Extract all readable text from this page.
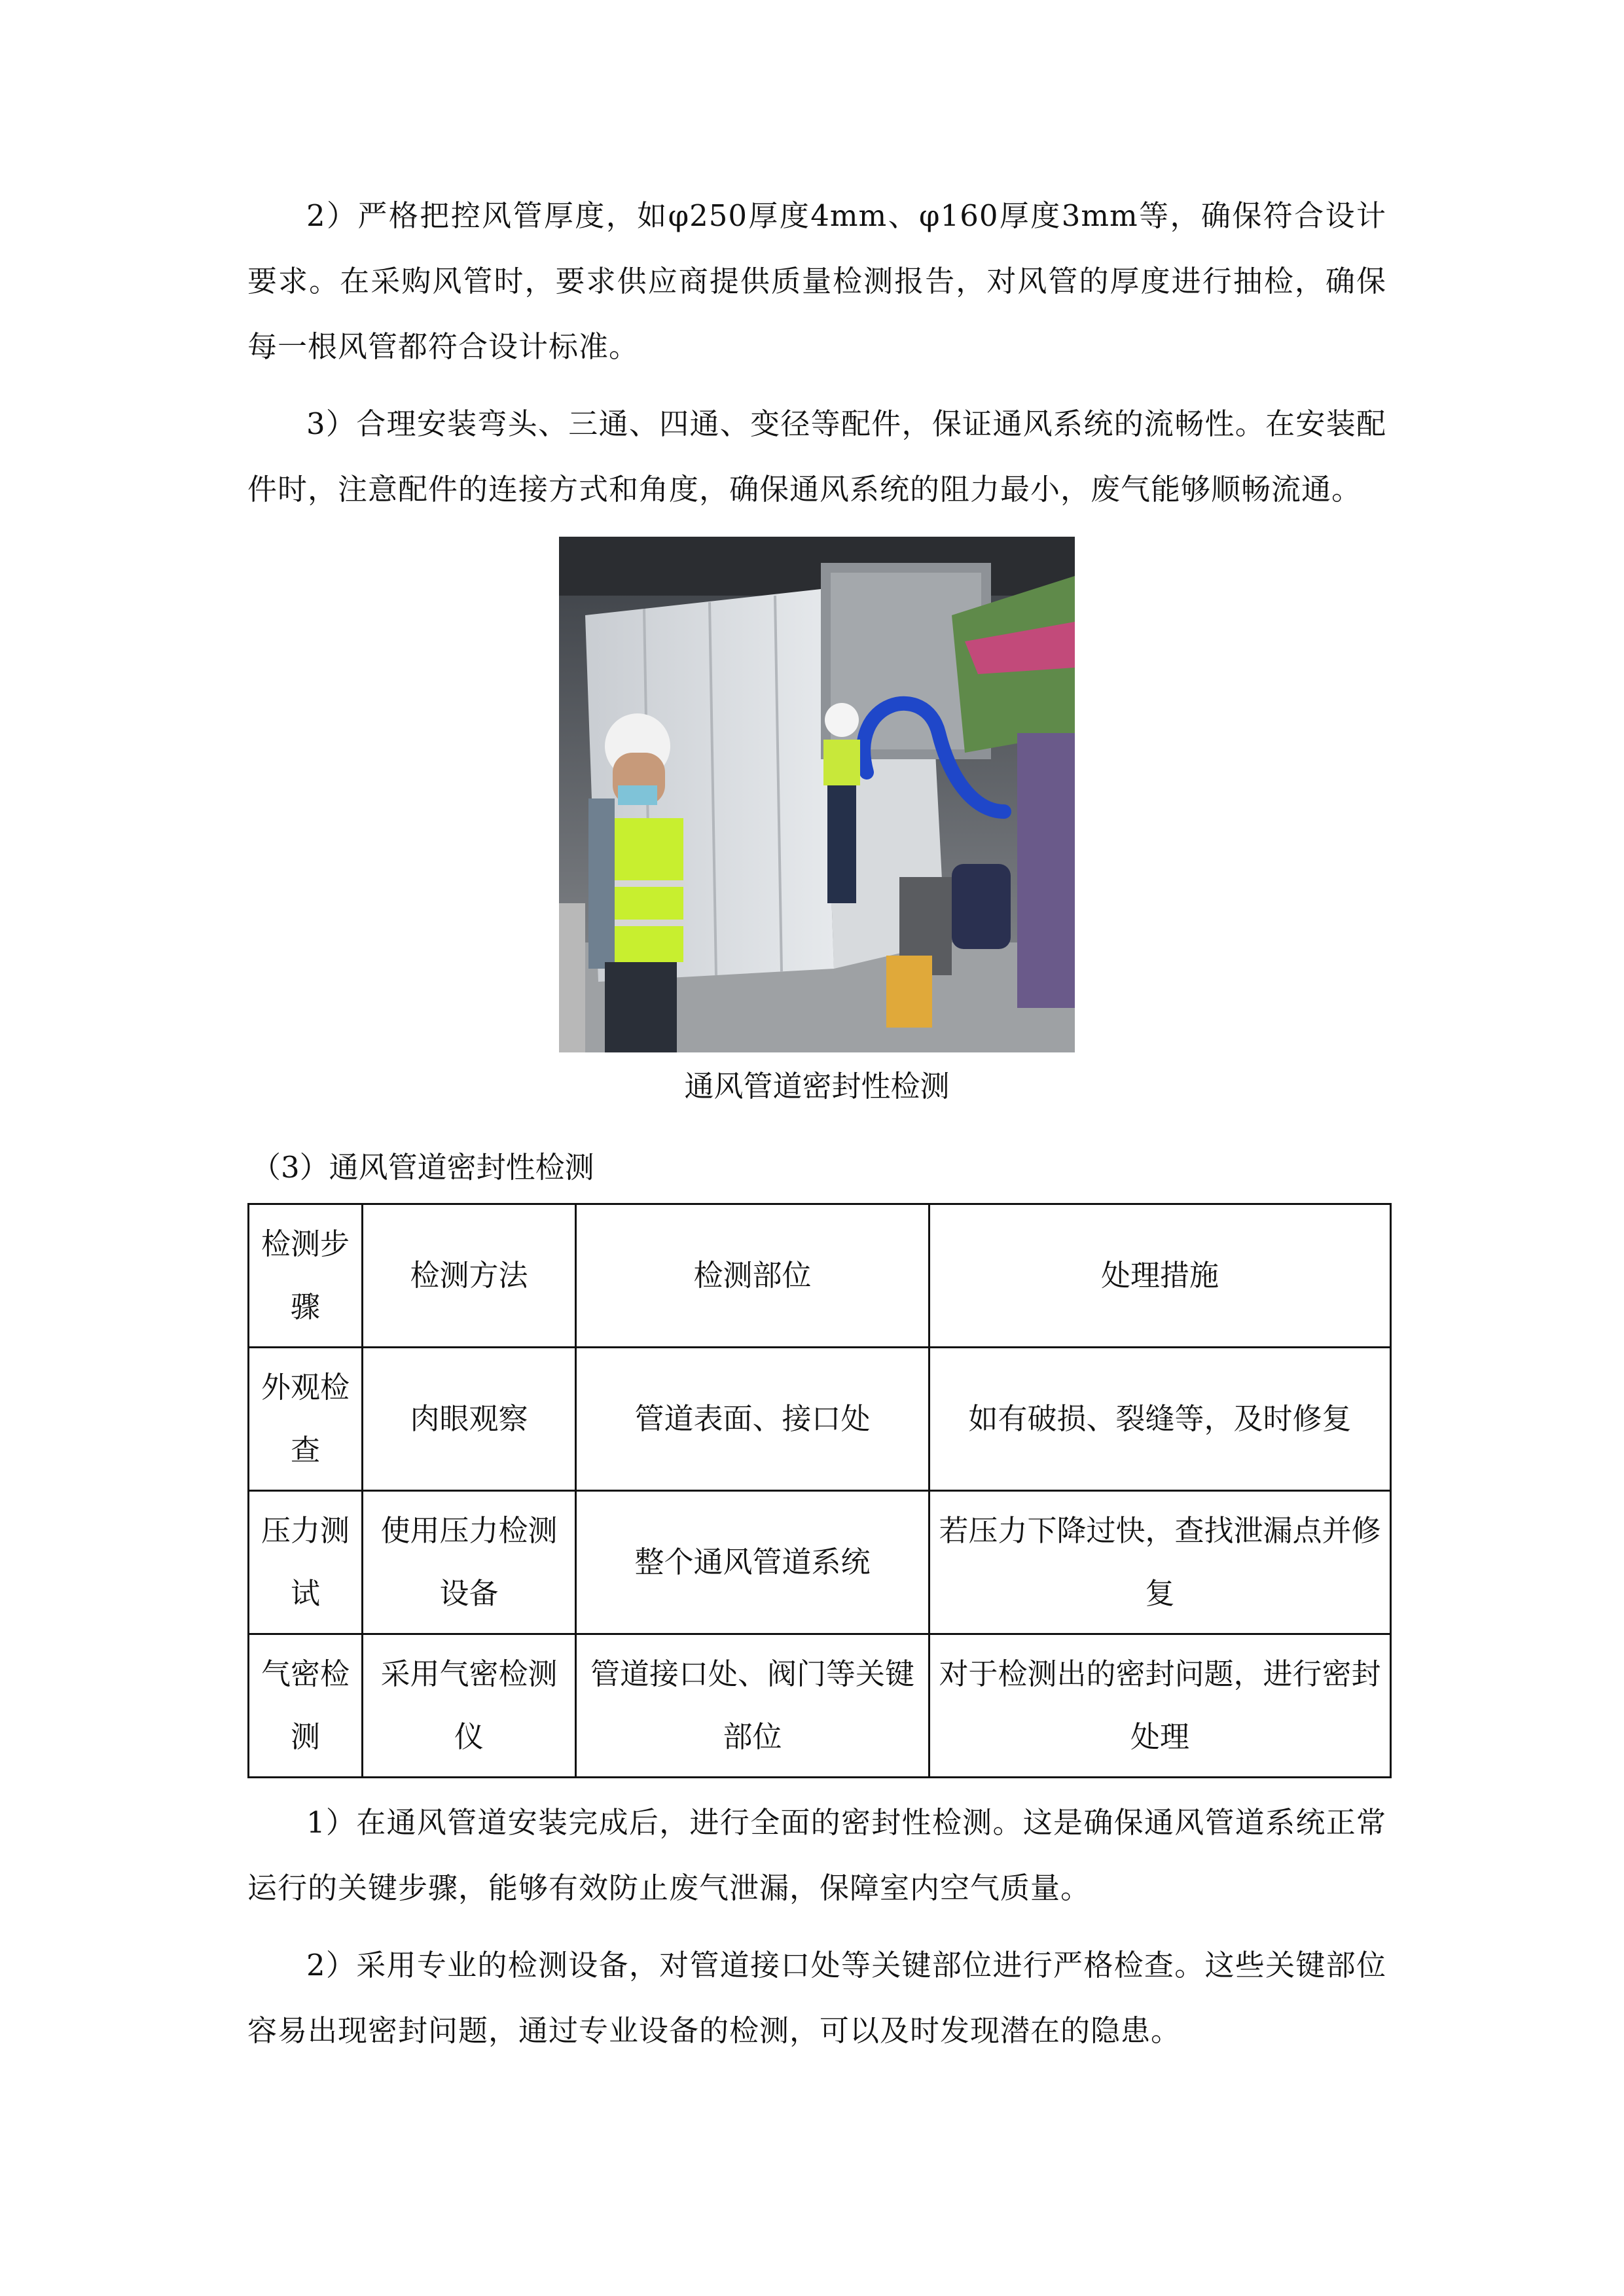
2）严格把控风管厚度，如φ250厚度4mm、φ160厚度3mm等，确保符合设计要求。在采购风管时，要求供应商提供质量检测报告，对风管的厚度进行抽检，确保每一根风管都符合设计标准。

3）合理安装弯头、三通、四通、变径等配件，保证通风系统的流畅性。在安装配件时，注意配件的连接方式和角度，确保通风系统的阻力最小，废气能够顺畅流通。

通风管道密封性检测
（3）通风管道密封性检测
检测步骤	检测方法	检测部位	处理措施
外观检查	肉眼观察	管道表面、接口处	如有破损、裂缝等，及时修复
压力测试	使用压力检测设备	整个通风管道系统	若压力下降过快，查找泄漏点并修复
气密检测	采用气密检测仪	管道接口处、阀门等关键部位	对于检测出的密封问题，进行密封处理

1）在通风管道安装完成后，进行全面的密封性检测。这是确保通风管道系统正常运行的关键步骤，能够有效防止废气泄漏，保障室内空气质量。

2）采用专业的检测设备，对管道接口处等关键部位进行严格检查。这些关键部位容易出现密封问题，通过专业设备的检测，可以及时发现潜在的隐患。
